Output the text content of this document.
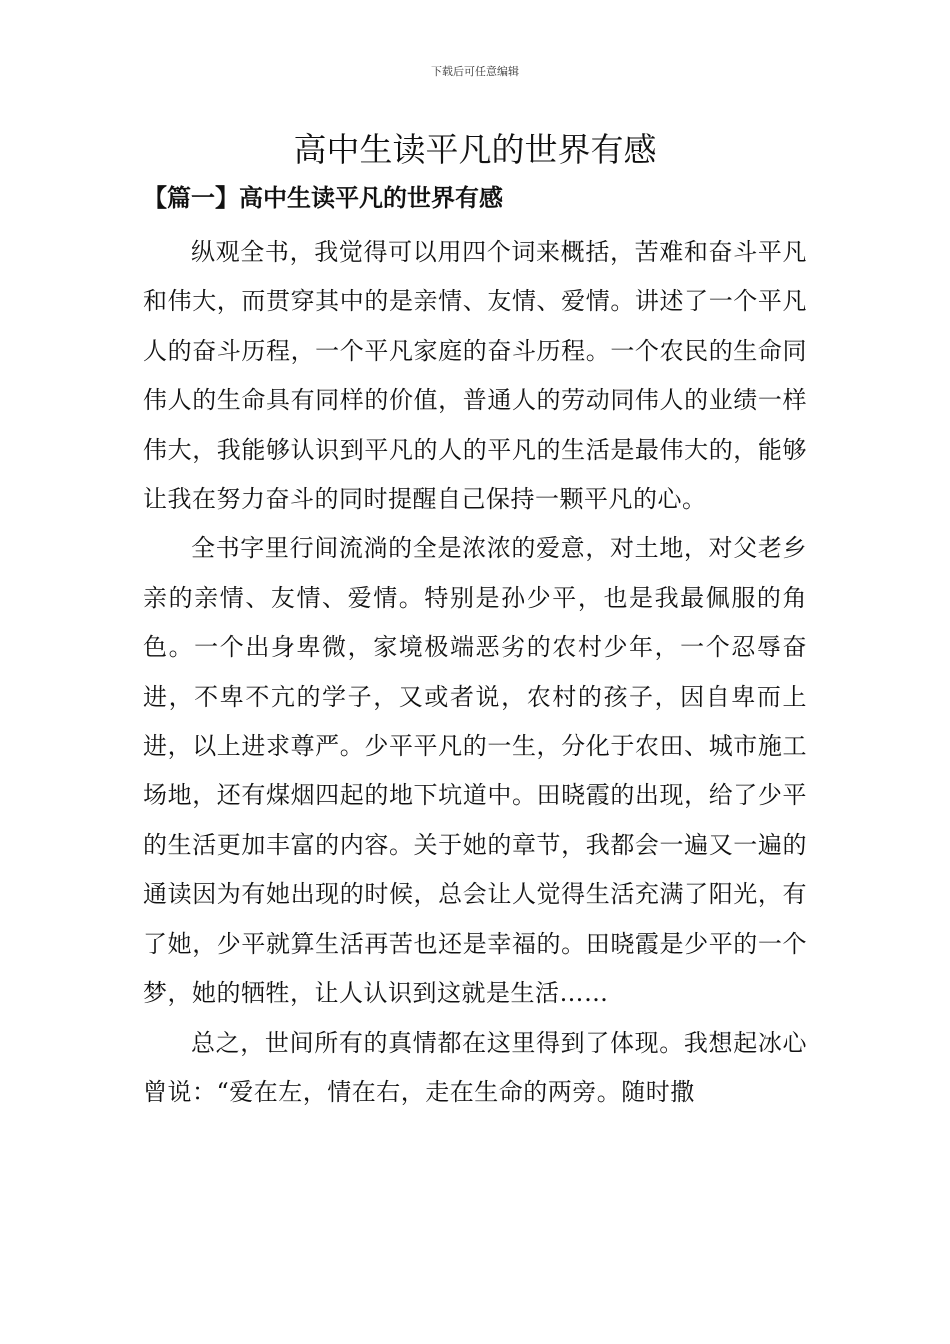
下载后可任意编辑
高中生读平凡的世界有感
【篇一】高中生读平凡的世界有感

纵观全书，我觉得可以用四个词来概括，苦难和奋斗平凡和伟大，而贯穿其中的是亲情、友情、爱情。讲述了一个平凡人的奋斗历程，一个平凡家庭的奋斗历程。一个农民的生命同伟人的生命具有同样的价值，普通人的劳动同伟人的业绩一样伟大，我能够认识到平凡的人的平凡的生活是最伟大的，能够让我在努力奋斗的同时提醒自己保持一颗平凡的心。

全书字里行间流淌的全是浓浓的爱意，对土地，对父老乡亲的亲情、友情、爱情。特别是孙少平，也是我最佩服的角色。一个出身卑微，家境极端恶劣的农村少年，一个忍辱奋进，不卑不亢的学子，又或者说，农村的孩子，因自卑而上进，以上进求尊严。少平平凡的一生，分化于农田、城市施工场地，还有煤烟四起的地下坑道中。田晓霞的出现，给了少平的生活更加丰富的内容。关于她的章节，我都会一遍又一遍的通读因为有她出现的时候，总会让人觉得生活充满了阳光，有了她，少平就算生活再苦也还是幸福的。田晓霞是少平的一个梦，她的牺牲，让人认识到这就是生活……

总之，世间所有的真情都在这里得到了体现。我想起冰心曾说：“爱在左，情在右，走在生命的两旁。随时撒
